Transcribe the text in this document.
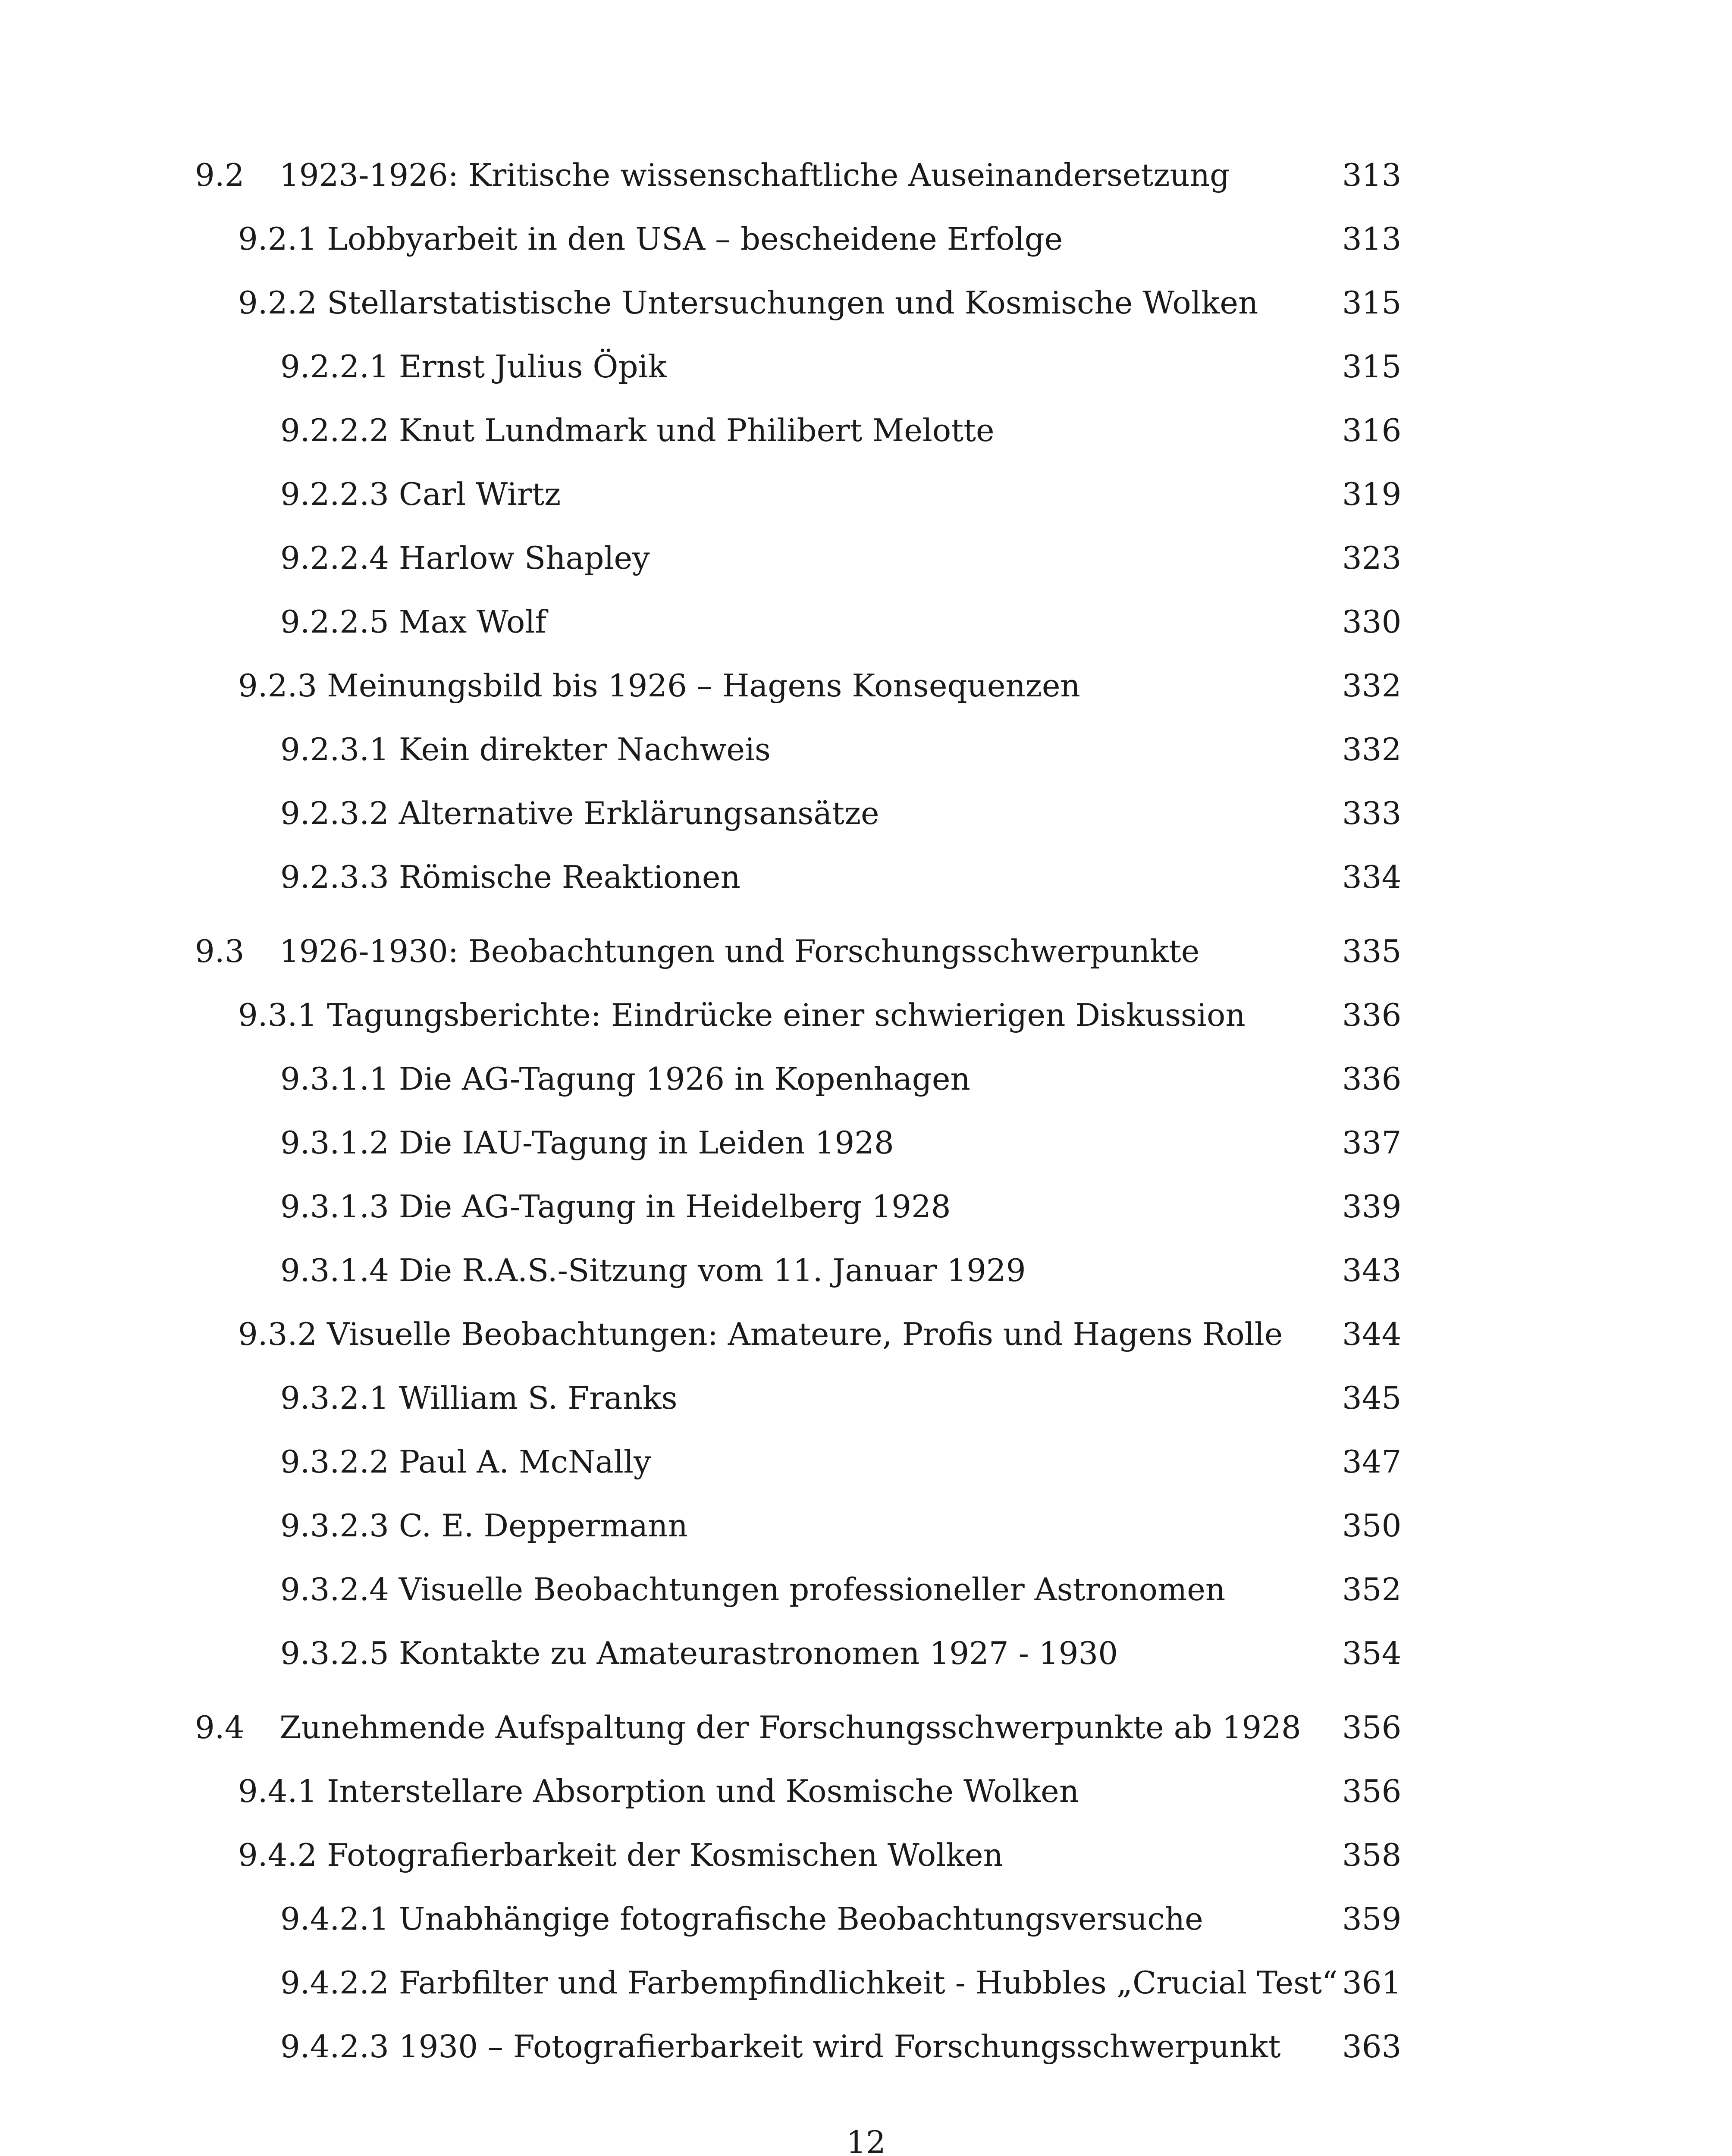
9.2 1923-1926: Kritische wissenschaftliche Auseinandersetzung	313
9.2.1 Lobbyarbeit in den USA – bescheidene Erfolge	313
9.2.2 Stellarstatistische Untersuchungen und Kosmische Wolken	315
9.2.2.1 Ernst Julius Öpik	315
9.2.2.2 Knut Lundmark und Philibert Melotte	316
9.2.2.3 Carl Wirtz	319
9.2.2.4 Harlow Shapley	323
9.2.2.5 Max Wolf	330
9.2.3 Meinungsbild bis 1926 – Hagens Konsequenzen	332
9.2.3.1 Kein direkter Nachweis	332
9.2.3.2 Alternative Erklärungsansätze	333
9.2.3.3 Römische Reaktionen	334
9.3 1926-1930: Beobachtungen und Forschungsschwerpunkte	335
9.3.1 Tagungsberichte: Eindrücke einer schwierigen Diskussion	336
9.3.1.1 Die AG-Tagung 1926 in Kopenhagen	336
9.3.1.2 Die IAU-Tagung in Leiden 1928	337
9.3.1.3 Die AG-Tagung in Heidelberg 1928	339
9.3.1.4 Die R.A.S.-Sitzung vom 11. Januar 1929	343
9.3.2 Visuelle Beobachtungen: Amateure, Profis und Hagens Rolle 344
9.3.2.1 William S. Franks	345
9.3.2.2 Paul A. McNally	347
9.3.2.3 C. E. Deppermann	350
9.3.2.4 Visuelle Beobachtungen professioneller Astronomen	352
9.3.2.5 Kontakte zu Amateurastronomen 1927 - 1930	354
9.4 Zunehmende Aufspaltung der Forschungsschwerpunkte ab 1928 356
9.4.1 Interstellare Absorption und Kosmische Wolken	356
9.4.2 Fotografierbarkeit der Kosmischen Wolken	358
9.4.2.1 Unabhängige fotografische Beobachtungsversuche	359
9.4.2.2 Farbfilter und Farbempfindlichkeit - Hubbles „Crucial Test“ 361
9.4.2.3 1930 – Fotografierbarkeit wird Forschungsschwerpunkt 363
12
